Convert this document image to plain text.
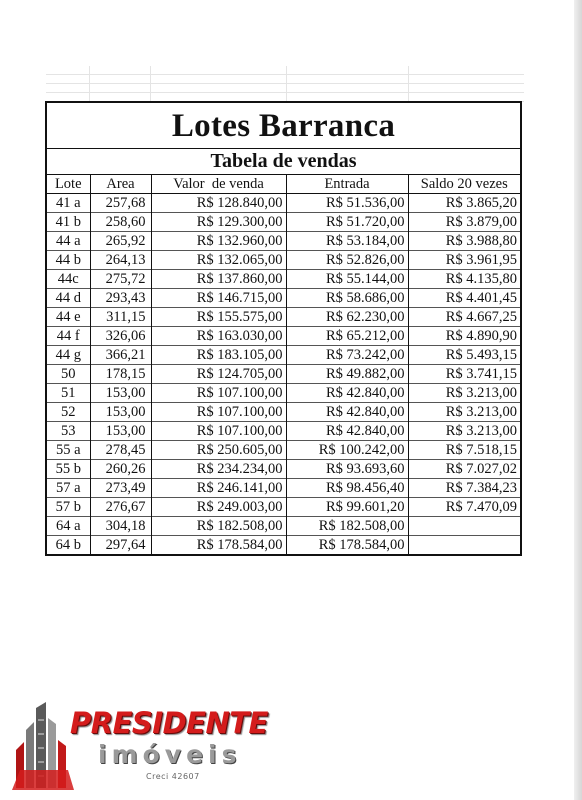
Lotes Barranca
Tabela de vendas
Lote	Area	Valor  de venda	Entrada	Saldo 20 vezes
41 a	257,68	R$ 128.840,00	R$ 51.536,00	R$ 3.865,20
41 b	258,60	R$ 129.300,00	R$ 51.720,00	R$ 3.879,00
44 a	265,92	R$ 132.960,00	R$ 53.184,00	R$ 3.988,80
44 b	264,13	R$ 132.065,00	R$ 52.826,00	R$ 3.961,95
44c	275,72	R$ 137.860,00	R$ 55.144,00	R$ 4.135,80
44 d	293,43	R$ 146.715,00	R$ 58.686,00	R$ 4.401,45
44 e	311,15	R$ 155.575,00	R$ 62.230,00	R$ 4.667,25
44 f	326,06	R$ 163.030,00	R$ 65.212,00	R$ 4.890,90
44 g	366,21	R$ 183.105,00	R$ 73.242,00	R$ 5.493,15
50	178,15	R$ 124.705,00	R$ 49.882,00	R$ 3.741,15
51	153,00	R$ 107.100,00	R$ 42.840,00	R$ 3.213,00
52	153,00	R$ 107.100,00	R$ 42.840,00	R$ 3.213,00
53	153,00	R$ 107.100,00	R$ 42.840,00	R$ 3.213,00
55 a	278,45	R$ 250.605,00	R$ 100.242,00	R$ 7.518,15
55 b	260,26	R$ 234.234,00	R$ 93.693,60	R$ 7.027,02
57 a	273,49	R$ 246.141,00	R$ 98.456,40	R$ 7.384,23
57 b	276,67	R$ 249.003,00	R$ 99.601,20	R$ 7.470,09
64 a	304,18	R$ 182.508,00	R$ 182.508,00	
64 b	297,64	R$ 178.584,00	R$ 178.584,00	
PRESIDENTE
imóveis
Creci 42607
